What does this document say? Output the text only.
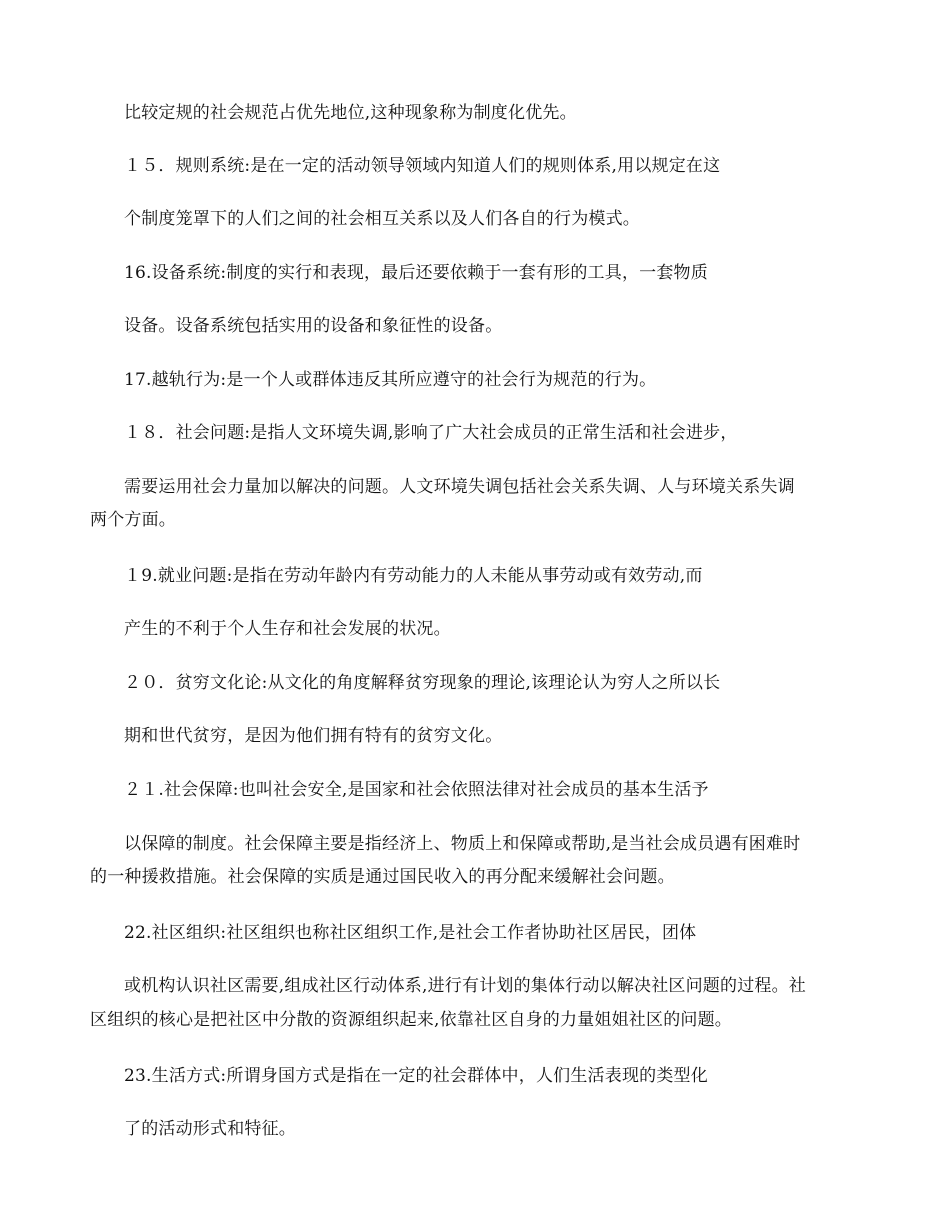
比较定规的社会规范占优先地位,这种现象称为制度化优先。
１５．规则系统:是在一定的活动领导领域内知道人们的规则体系,用以规定在这
个制度笼罩下的人们之间的社会相互关系以及人们各自的行为模式。
16.设备系统:制度的实行和表现，最后还要依赖于一套有形的工具，一套物质
设备。设备系统包括实用的设备和象征性的设备。
17.越轨行为:是一个人或群体违反其所应遵守的社会行为规范的行为。
１８．社会问题:是指人文环境失调,影响了广大社会成员的正常生活和社会进步，
需要运用社会力量加以解决的问题。人文环境失调包括社会关系失调、人与环境关系失调
两个方面。
１9.就业问题:是指在劳动年龄内有劳动能力的人未能从事劳动或有效劳动,而
产生的不利于个人生存和社会发展的状况。
２０．贫穷文化论:从文化的角度解释贫穷现象的理论,该理论认为穷人之所以长
期和世代贫穷，是因为他们拥有特有的贫穷文化。
２１.社会保障:也叫社会安全,是国家和社会依照法律对社会成员的基本生活予
以保障的制度。社会保障主要是指经济上、物质上和保障或帮助,是当社会成员遇有困难时
的一种援救措施。社会保障的实质是通过国民收入的再分配来缓解社会问题。
22.社区组织:社区组织也称社区组织工作,是社会工作者协助社区居民，团体
或机构认识社区需要,组成社区行动体系,进行有计划的集体行动以解决社区问题的过程。社
区组织的核心是把社区中分散的资源组织起来,依靠社区自身的力量姐姐社区的问题。
23.生活方式:所谓身国方式是指在一定的社会群体中，人们生活表现的类型化
了的活动形式和特征。
